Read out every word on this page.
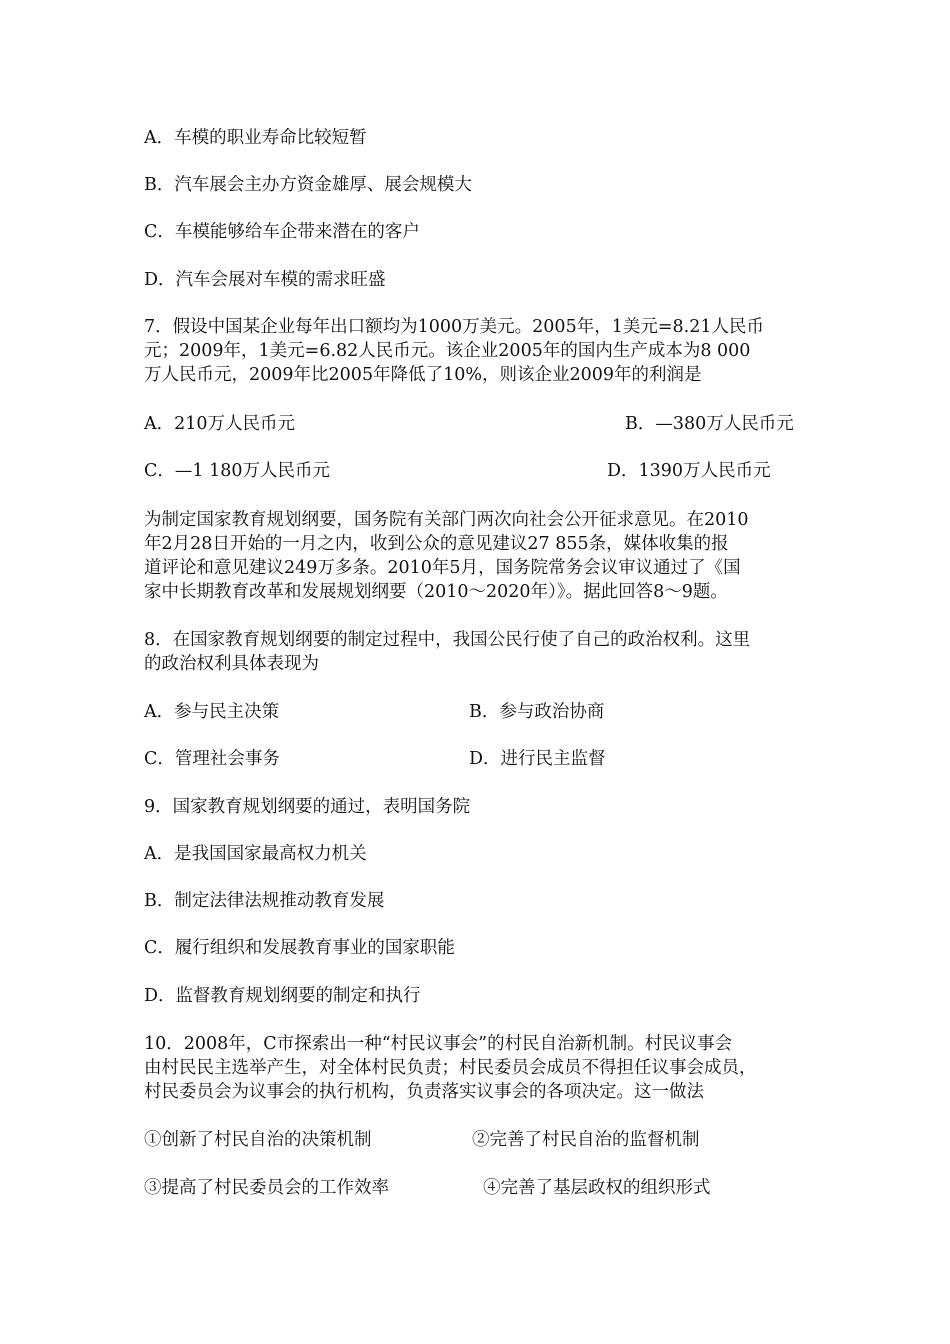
A．车模的职业寿命比较短暂
B．汽车展会主办方资金雄厚、展会规模大
C．车模能够给车企带来潜在的客户
D．汽车会展对车模的需求旺盛
7．假设中国某企业每年出口额均为1000万美元。2005年，1美元=8.21人民币
元；2009年，1美元=6.82人民币元。该企业2005年的国内生产成本为8 000
万人民币元，2009年比2005年降低了10%，则该企业2009年的利润是
A．210万人民币元	B．—380万人民币元
C．—1 180万人民币元	D．1390万人民币元
为制定国家教育规划纲要，国务院有关部门两次向社会公开征求意见。在2010
年2月28日开始的一月之内，收到公众的意见建议27 855条，媒体收集的报
道评论和意见建议249万多条。2010年5月，国务院常务会议审议通过了《国
家中长期教育改革和发展规划纲要（2010～2020年）》。据此回答8～9题。
8．在国家教育规划纲要的制定过程中，我国公民行使了自己的政治权利。这里
的政治权利具体表现为
A．参与民主决策	B．参与政治协商
C．管理社会事务	D．进行民主监督
9．国家教育规划纲要的通过，表明国务院
A．是我国国家最高权力机关
B．制定法律法规推动教育发展
C．履行组织和发展教育事业的国家职能
D．监督教育规划纲要的制定和执行
10．2008年，C市探索出一种“村民议事会”的村民自治新机制。村民议事会
由村民民主选举产生，对全体村民负责；村民委员会成员不得担任议事会成员，
村民委员会为议事会的执行机构，负责落实议事会的各项决定。这一做法
①创新了村民自治的决策机制	②完善了村民自治的监督机制
③提高了村民委员会的工作效率	④完善了基层政权的组织形式
